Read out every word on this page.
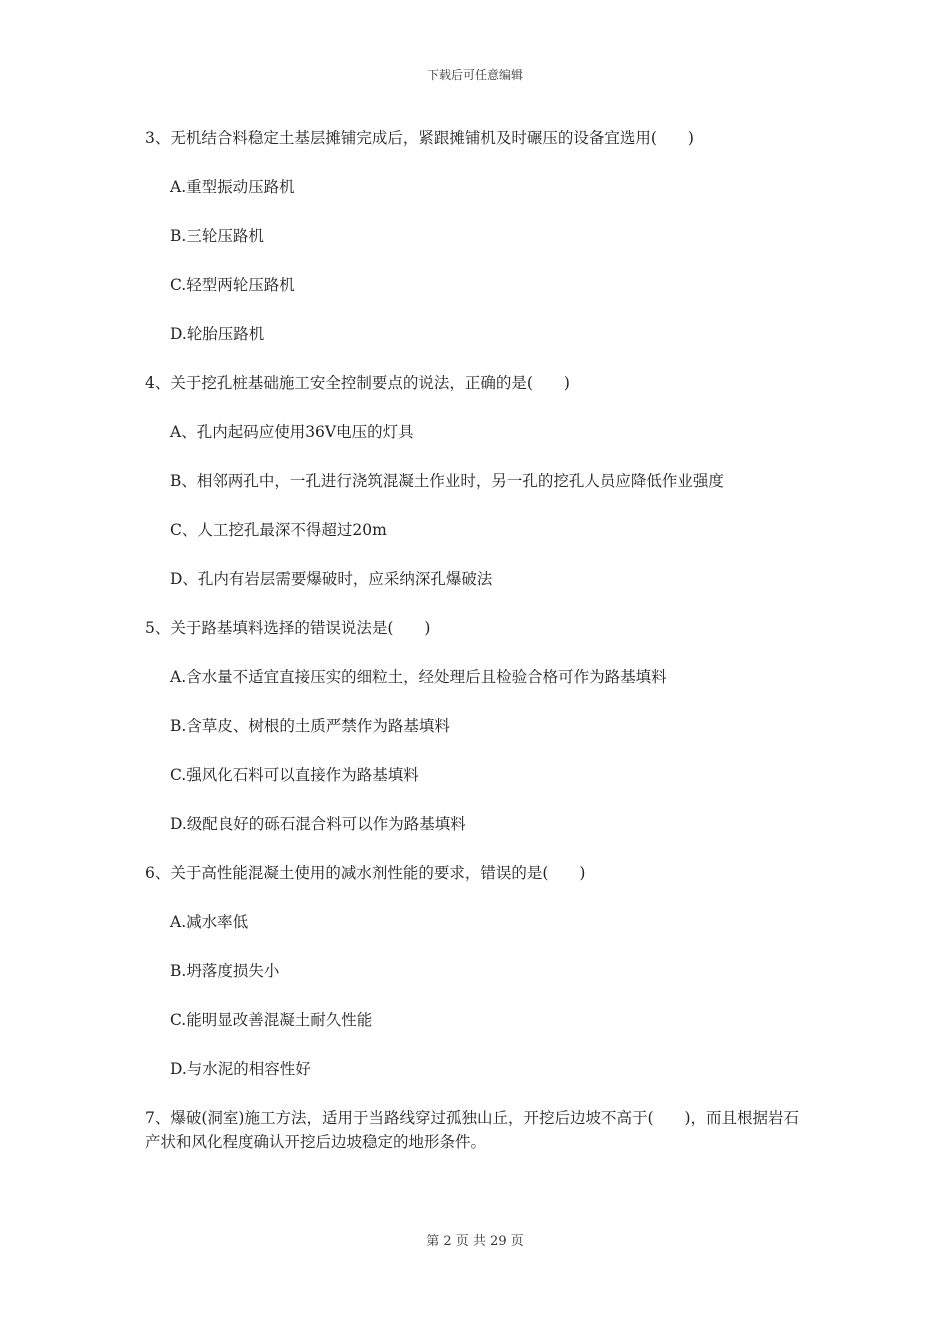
下载后可任意编辑
3、无机结合料稳定土基层摊铺完成后，紧跟摊铺机及时碾压的设备宜选用(　　)
A.重型振动压路机
B.三轮压路机
C.轻型两轮压路机
D.轮胎压路机
4、关于挖孔桩基础施工安全控制要点的说法，正确的是(　　)
A、孔内起码应使用36V电压的灯具
B、相邻两孔中，一孔进行浇筑混凝土作业时，另一孔的挖孔人员应降低作业强度
C、人工挖孔最深不得超过20m
D、孔内有岩层需要爆破时，应采纳深孔爆破法
5、关于路基填料选择的错误说法是(　　)
A.含水量不适宜直接压实的细粒土，经处理后且检验合格可作为路基填料
B.含草皮、树根的土质严禁作为路基填料
C.强风化石料可以直接作为路基填料
D.级配良好的砾石混合料可以作为路基填料
6、关于高性能混凝土使用的减水剂性能的要求，错误的是(　　)
A.减水率低
B.坍落度损失小
C.能明显改善混凝土耐久性能
D.与水泥的相容性好
7、爆破(洞室)施工方法，适用于当路线穿过孤独山丘，开挖后边坡不高于(　　)，而且根据岩石产状和风化程度确认开挖后边坡稳定的地形条件。
第 2 页 共 29 页
